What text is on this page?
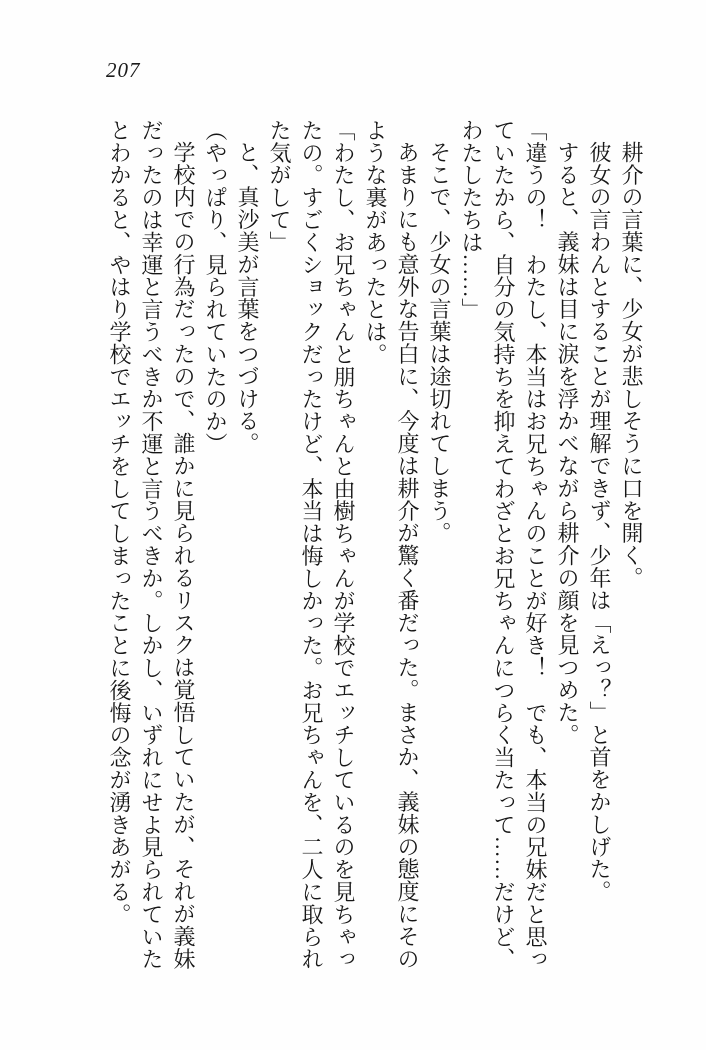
207
耕介の言葉に、少女が悲しそうに口を開く。
彼女の言わんとすることが理解できず、少年は「えっ？」と首をかしげた。
すると、義妹は目に涙を浮かべながら耕介の顔を見つめた。
「違うの！　わたし、本当はお兄ちゃんのことが好き！　でも、本当の兄妹だと思っ
ていたから、自分の気持ちを抑えてわざとお兄ちゃんにつらく当たって……だけど、
わたしたちは……」
そこで、少女の言葉は途切れてしまう。
あまりにも意外な告白に、今度は耕介が驚く番だった。まさか、義妹の態度にその
ような裏があったとは。
「わたし、お兄ちゃんと朋ちゃんと由樹ちゃんが学校でエッチしているのを見ちゃっ
たの。すごくショックだったけど、本当は悔しかった。お兄ちゃんを、二人に取られ
た気がして」
と、真沙美が言葉をつづける。
（やっぱり、見られていたのか）
学校内での行為だったので、誰かに見られるリスクは覚悟していたが、それが義妹
だったのは幸運と言うべきか不運と言うべきか。しかし、いずれにせよ見られていた
とわかると、やはり学校でエッチをしてしまったことに後悔の念が湧きあがる。
